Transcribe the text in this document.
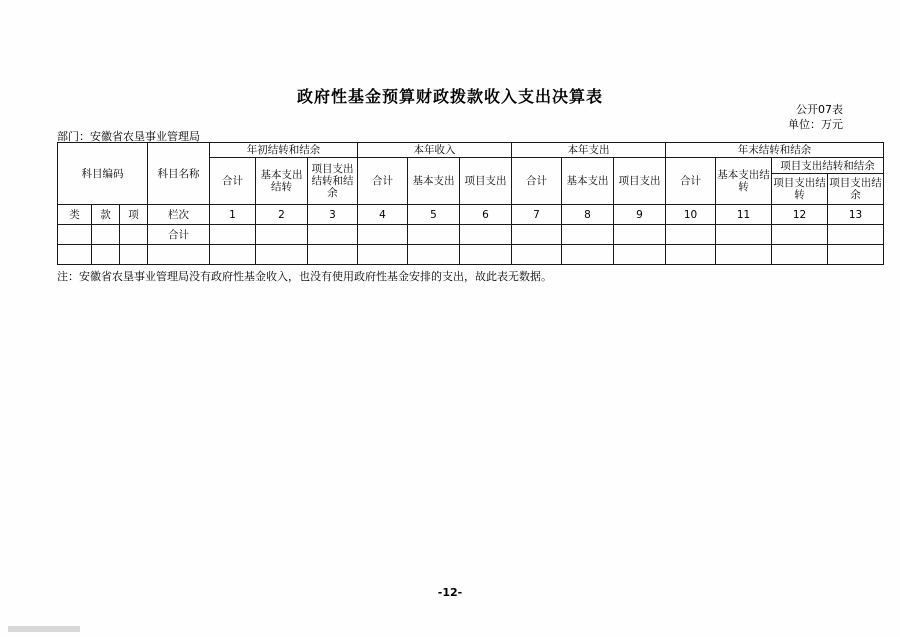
政府性基金预算财政拨款收入支出决算表
公开07表
单位：万元
部门：安徽省农垦事业管理局
科目编码			科目名称	年初结转和结余			本年收入			本年支出			年末结转和结余			
				合计	基本支出结转	项目支出结转和结余	合计	基本支出	项目支出	合计	基本支出	项目支出	合计	基本支出结转	项目支出结转和结余	
															项目支出结转	项目支出结余
类	款	项	栏次	1	2	3	4	5	6	7	8	9	10	11	12	13
			合计													

注：安徽省农垦事业管理局没有政府性基金收入，也没有使用政府性基金安排的支出，故此表无数据。
-12-
